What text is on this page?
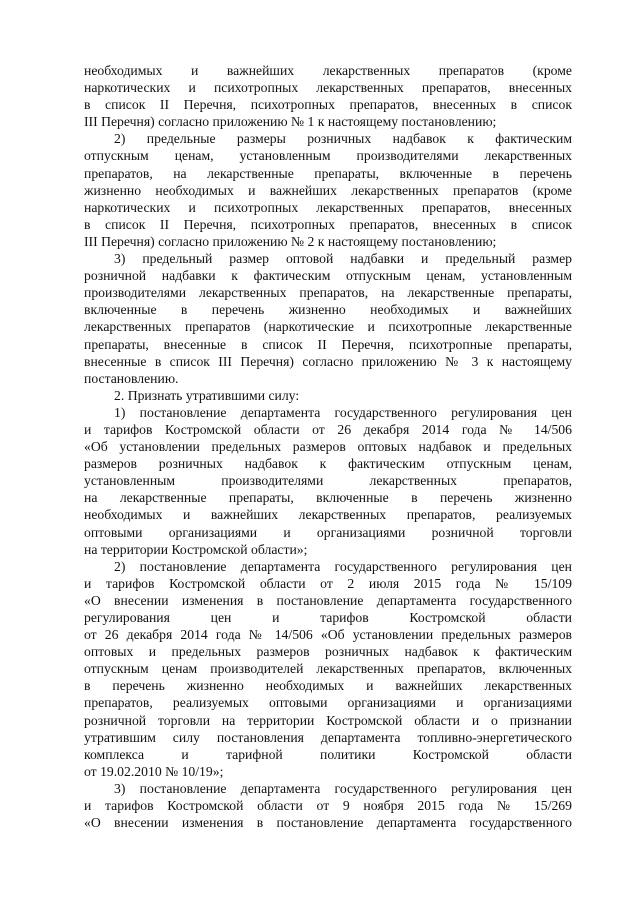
необходимых и важнейших лекарственных препаратов (кроме
наркотических и психотропных лекарственных препаратов, внесенных
в список II Перечня, психотропных препаратов, внесенных в список
III Перечня) согласно приложению № 1 к настоящему постановлению;
2) предельные размеры розничных надбавок к фактическим
отпускным ценам, установленным производителями лекарственных
препаратов, на лекарственные препараты, включенные в перечень
жизненно необходимых и важнейших лекарственных препаратов (кроме
наркотических и психотропных лекарственных препаратов, внесенных
в список II Перечня, психотропных препаратов, внесенных в список
III Перечня) согласно приложению № 2 к настоящему постановлению;
3) предельный размер оптовой надбавки и предельный размер
розничной надбавки к фактическим отпускным ценам, установленным
производителями лекарственных препаратов, на лекарственные препараты,
включенные в перечень жизненно необходимых и важнейших
лекарственных препаратов (наркотические и психотропные лекарственные
препараты, внесенные в список II Перечня, психотропные препараты,
внесенные в список III Перечня) согласно приложению № 3 к настоящему
постановлению.
2. Признать утратившими силу:
1) постановление департамента государственного регулирования цен
и тарифов Костромской области от 26 декабря 2014 года № 14/506
«Об установлении предельных размеров оптовых надбавок и предельных
размеров розничных надбавок к фактическим отпускным ценам,
установленным производителями лекарственных препаратов,
на лекарственные препараты, включенные в перечень жизненно
необходимых и важнейших лекарственных препаратов, реализуемых
оптовыми организациями и организациями розничной торговли
на территории Костромской области»;
2) постановление департамента государственного регулирования цен
и тарифов Костромской области от 2 июля 2015 года № 15/109
«О внесении изменения в постановление департамента государственного
регулирования цен и тарифов Костромской области
от 26 декабря 2014 года № 14/506 «Об установлении предельных размеров
оптовых и предельных размеров розничных надбавок к фактическим
отпускным ценам производителей лекарственных препаратов, включенных
в перечень жизненно необходимых и важнейших лекарственных
препаратов, реализуемых оптовыми организациями и организациями
розничной торговли на территории Костромской области и о признании
утратившим силу постановления департамента топливно-энергетического
комплекса и тарифной политики Костромской области
от 19.02.2010 № 10/19»;
3) постановление департамента государственного регулирования цен
и тарифов Костромской области от 9 ноября 2015 года № 15/269
«О внесении изменения в постановление департамента государственного
